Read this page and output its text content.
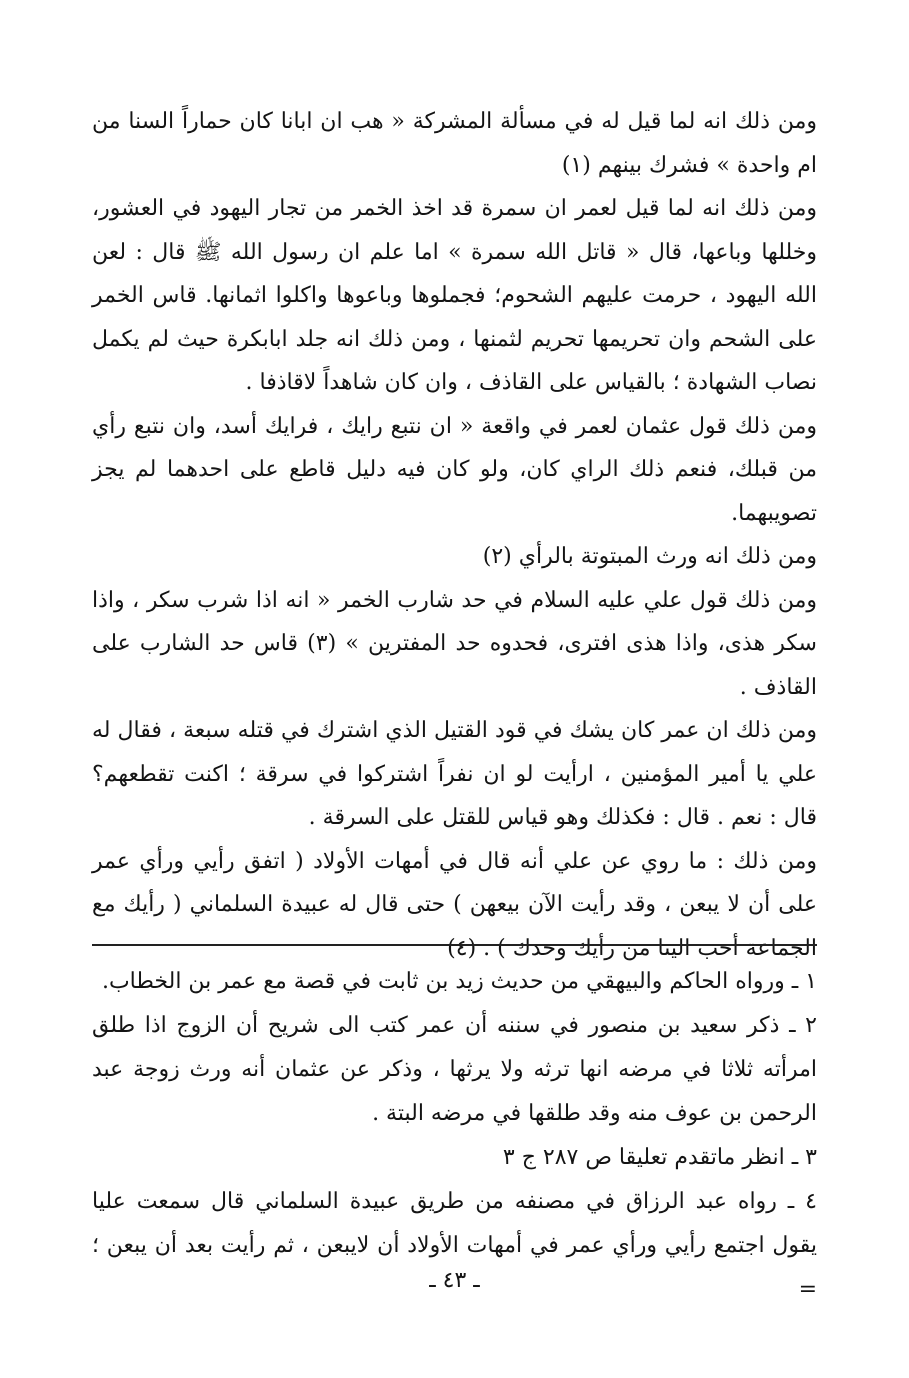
ومن ذلك انه لما قيل له في مسألة المشركة « هب ان ابانا كان حماراً السنا من ام واحدة » فشرك بينهم (١)

ومن ذلك انه لما قيل لعمر ان سمرة قد اخذ الخمر من تجار اليهود في العشور، وخللها وباعها، قال « قاتل الله سمرة » اما علم ان رسول الله ﷺ قال : لعن الله اليهود ، حرمت عليهم الشحوم؛ فجملوها وباعوها واكلوا اثمانها. قاس الخمر على الشحم وان تحريمها تحريم لثمنها ، ومن ذلك انه جلد ابابكرة حيث لم يكمل نصاب الشهادة ؛ بالقياس على القاذف ، وان كان شاهداً لاقاذفا .

ومن ذلك قول عثمان لعمر في واقعة « ان نتبع رايك ، فرايك أسد، وان نتبع رأي من قبلك، فنعم ذلك الراي كان، ولو كان فيه دليل قاطع على احدهما لم يجز تصويبهما.

ومن ذلك انه ورث المبتوتة بالرأي (٢)

ومن ذلك قول علي عليه السلام في حد شارب الخمر « انه اذا شرب سكر ، واذا سكر هذى، واذا هذى افترى، فحدوه حد المفترين » (٣) قاس حد الشارب على القاذف .

ومن ذلك ان عمر كان يشك في قود القتيل الذي اشترك في قتله سبعة ، فقال له علي يا أمير المؤمنين ، ارأيت لو ان نفراً اشتركوا في سرقة ؛ اكنت تقطعهم؟ قال : نعم . قال : فكذلك وهو قياس للقتل على السرقة .

ومن ذلك : ما روي عن علي أنه قال في أمهات الأولاد ( اتفق رأيي ورأي عمر على أن لا يبعن ، وقد رأيت الآن بيعهن ) حتى قال له عبيدة السلماني ( رأيك مع الجماعة أحب الينا من رأيك وحدك ) . (٤)

١ ـ ورواه الحاكم والبيهقي من حديث زيد بن ثابت في قصة مع عمر بن الخطاب.

٢ ـ ذكر سعيد بن منصور في سننه أن عمر كتب الى شريح أن الزوج اذا طلق امرأته ثلاثا في مرضه انها ترثه ولا يرثها ، وذكر عن عثمان أنه ورث زوجة عبد الرحمن بن عوف منه وقد طلقها في مرضه البتة .

٣ ـ انظر ماتقدم تعليقا ص ٢٨٧ ج ٣

٤ ـ رواه عبد الرزاق في مصنفه من طريق عبيدة السلماني قال سمعت عليا يقول اجتمع رأيي ورأي عمر في أمهات الأولاد أن لايبعن ، ثم رأيت بعد أن يبعن ؛ =

ـ ٤٣ ـ
